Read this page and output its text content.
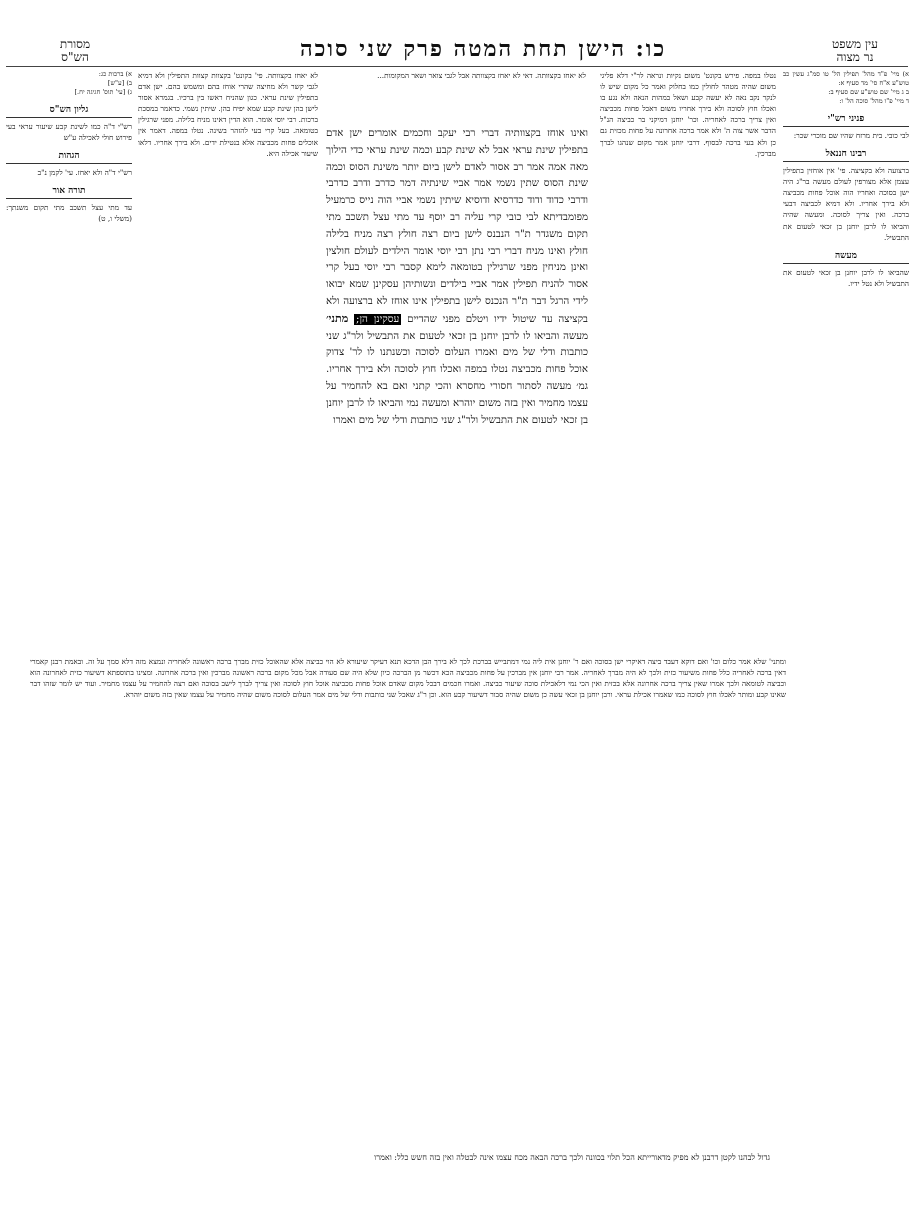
כו: הישן תחת המטה פרק שני סוכה
מסורת
הש"ס
עין משפט
נר מצוה

א) מיי' פ"ד מהל' תפילין הל' טו סמ"ג עשין כב טוש"ע א"ח סי' מד סעיף א:
ב ג מיי' שם טוש"ע שם סעיף ב:
ד מיי' פ"ו מהל' סוכה הל' ו:

פניני רש"י

לבי כובי. בית מרזח שהיו שם מוכרי שכר:

רבינו חננאל

ברצועה ולא בקציצה. פי' אין אוחזין בתפילין עצמן אלא מצורפין לעולם מעשה בר"ג היה ישן בסוכה ואחריו הוה אוכל פחות מכביצה ולא בירך אחריו. ולא דמיא לכביצה דבעי ברכה. ואין צריך לסוכה. ומעשה שהיה והביאו לו לרבן יוחנן בן זכאי לטעום את התבשיל.

מעשה

שהביאו לו לרבן יוחנן בן זכאי לטעום את התבשיל ולא נטל ידיו.

נטלו במפה. פירש בקונט' משום נקיות ונראה לר"י דלא פליגי משום שהיה מטהר לחולין כמו בחלוק ואמר כל מקום שיש לו לנקר נקב נאה לא יעשה קבע ושאל במהות הנאה ולא נגע בו ואכלו חוץ לסוכה ולא בירך אחריו משום דאכל פחות מכביצה ואין צריך ברכה לאחריה. וכר' יוחנן דמיקני בר כביצה הנ"ל הדבר אשר צוה ה' ולא אמר ברכה אחרונה על פחות מכזית גם כן ולא בעי ברכה לבסוף. דרבי יוחנן אמר מקום שנהגו לברך מברכין.

לא יאחז בקצוותה. דאי לא יאחז בקצוותה אבל לגבי צואר ושאר המקומות...

ואינו אוחז בקצוותיה דברי רבי יעקב וחכמים אומרים ישן אדם בתפילין שינת עראי אבל לא שינת קבע וכמה שינת עראי כדי הילוך מאה אמה אמר רב אסור לאדם לישן ביום יותר משינת הסוס וכמה שינת הסוס שתין נשמי אמר אביי שינתיה דמר כדרב ודרב כדרבי ודרבי כדוד ודוד כדרסיא ודוסיא שיתין נשמי אביי הוה נייס כרמעיל מפומבדיתא לבי כובי קרי עליה רב יוסף עד מתי עצל תשכב מתי תקום משגדר ת"ר הנבנס לישן ביום רצה חולץ רצה מניח בלילה חולץ ואינו מניח דברי רבי נתן רבי יוסי אומר הילדים לעולם חולצין ואינן מניחין מפני שרגילין בטומאה לימא קסבר רבי יוסי בעל קרי אסור להניח תפילין אמר אביי בילדים ונשותיהן עסקינן שמא יבואו לידי הרגל דבר ת"ר הנכנס לישן בתפילין אינו אוחז לא ברצועה ולא בקציצה עד שיטול ידיו ויטלם מפני שהדיים עסקינן הן; מתני׳ מעשה והביאו לו לרבן יוחנן בן זכאי לטעום את התבשיל ולר"ג שני כותבות ודלי של מים ואמרו העלום לסוכה וכשנתנו לו לר' צדוק אוכל פחות מכביצה נטלו במפה ואכלו חוץ לסוכה ולא בירך אחריו. גמ׳ מעשה לסתור חסורי מחסרא והכי קתני ואם בא להחמיר על עצמו מחמיר ואין בזה משום יוהרא ומעשה נמי והביאו לו לרבן יוחנן בן זכאי לטעום את התבשיל ולר"ג שני כותבות ודלי של מים ואמרו

לא יאחז בקצוותה. פי' בקונט' בקצוות קצוות התפילין ולא דמיא לגבי קשר ולא מחיצה שהרי אוחז בהם ומשמש בהם. ישן אדם בתפילין שינת עראי. כגון שהניח ראשו בין ברכיו. בגמרא אסור לישן בהן שינת קבע שמא יפיח בהן. שיתין נשמי. כדאמר במסכת ברכות. רבי יוסי אומר. הוא הדין דאינו מניח בלילה. מפני שרגילין בטומאה. בעל קרי בעי להזהר בשינה. נטלו במפה. דאמר אין אוכלים פחות מכביצה אלא בנטילת ידים. ולא בירך אחריו. דלאו שיעור אכילה היא.

א) ברכות כג:
ב) [ע"ש]
ג) [עי' תוס' חגיגה יח.]

גליון הש"ס

רש"י ד"ה כמו לשינת קבע שיעור עראי בעי פירוש חולי לאכילה ע"ש

הגהות

רש"י ד"ה ולא יאחז. עי' לקמן נ"ב

תורה אור

עד מתי עצל תשכב מתי תקום משנתך: (משלי ו, ט)

ומתני' שלא אמר כלום וכו' ואם דוקא דעבד ביצה דאיקרי ישן בסוכה ואם ר' יוחנן אית ליה נמי דמתבייש בברכת לכך לא בירך הבן הדכא תנא דעיקר שיעורא לא הוי כביצה אלא שהאוכל כזית מברך ברכה ראשונה לאחריה ונמצא מזה דלא סמך על זה. ובאמת רבנן קאמרי דאין ברכה לאחריה כלל פחות משיעור כזית ולכך לא היה מברך לאחריה. אמר רבי יוחנן אין מברכין על פחות מכביצה הכא דכשר מן הברכה כיון שלא היה שם סעודה אבל מכל מקום ברכה ראשונה מברכין ואין ברכה אחרונה. ומצינו בתוספתא דשיעור כזית לאחרונה הוא וכביצה לטומאה ולכך אמרו שאין צריך ברכה אחרונה אלא בכזית ואין הכי נמי דלאכילת סוכה שיעור כביצה. ואמרו חכמים דבכל מקום שאדם אוכל פחות מכביצה אוכל חוץ לסוכה ואין צריך לברך לישב בסוכה ואם רצה להחמיר על עצמו מחמיר. ועוד יש לומר שזהו דבר שאינו קבע ומותר לאכלו חוץ לסוכה כמו שאמרו אכילת עראי. ורבן יוחנן בן זכאי עשה כן משום שהיה סבור דשיעור קבע הוא. וכן ר"ג שאכל שני כותבות ודלי של מים אמר העלום לסוכה משום שהיה מחמיר על עצמו שאין בזה משום יוהרא.

גדול לבהנו לקטן דרבנן לא מפיק מדאורייתא הכל תלוי בכוונה ולכך ברכה הבאה מכח עצמו אינה לבטלה ואין בזה חשש כלל: ואמרו
